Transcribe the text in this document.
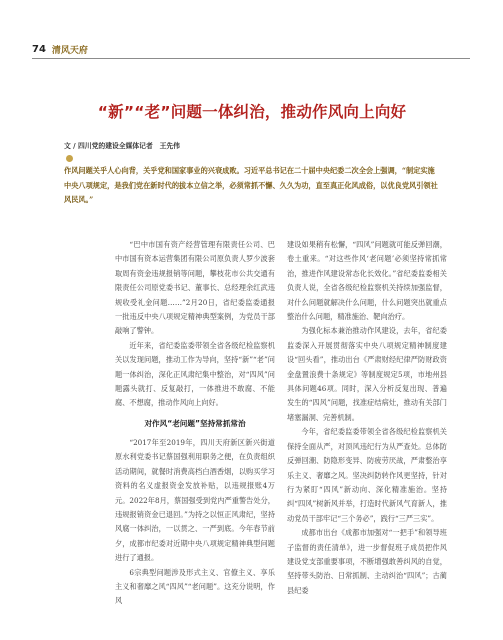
74 清风天府
“新”“老”问题一体纠治，推动作风向上向好
文 / 四川党的建设全媒体记者　王先伟

作风问题关乎人心向背，关乎党和国家事业的兴衰成败。习近平总书记在二十届中央纪委二次全会上强调，“制定实施中央八项规定，是我们党在新时代的拔本立信之举，必须常抓不懈、久久为功，直至真正化风成俗，以优良党风引领社风民风。”

“巴中市国有资产经营管理有限责任公司、巴中市国有资本运营集团有限公司原负责人罗少波套取周有资金违规报销等问题，攀枝花市公共交通有限责任公司原党委书记、董事长、总经理余红武违规收受礼金问题……”2月20日，省纪委监委通报一批违反中央八项规定精神典型案例，为党员干部敲响了警钟。

近年来，省纪委监委带领全省各级纪检监察机关以发现问题，推动工作为导向，坚持“新”“老”问题一体纠治，深化正风肃纪集中整治，对“四风”问题露头就打、反复敲打，一体推进不敢腐、不能腐、不想腐，推动作风向上向好。

对作风“老问题”坚持常抓常治

“2017年至2019年，四川天府新区新兴街道原水利党委书记蔡国强利用职务之便，在负责组织活动期间，就餐时消费高档白酒香烟，以购买学习资料的名义虚报资金发放补贴，以违规报账4万元。2022年8月，蔡国强受到党内严重警告处分，违规报销资金已退回。”为持之以恒正风肃纪，坚持风腐一体纠治，一以贯之、一严到底。今年春节前夕，成都市纪委对近期中央八项规定精神典型问题进行了通报。

6宗典型问题涉及形式主义、官僚主义、享乐主义和奢靡之风“四风”“老问题”。这充分说明，作风

建设如果稍有松懈，“四风”问题就可能反弹回潮，卷土重来。“对这些作风‘老问题’必须坚持常抓常治，推进作风建设常态化长效化。”省纪委监委相关负责人说，全省各级纪检监察机关持续加强监督，对什么问题就解决什么问题，什么问题突出就重点整治什么问题，精准施治、靶向治疗。

为强化标本兼治推动作风建设，去年，省纪委监委深入开展贯彻落实中央八项规定精神制度建设“回头看”，推动出台《严肃财经纪律严防财政资金盘置浪费十条规定》等制度规定5项，市地州县具体问题46项。同时，深入分析反复出现、普遍发生的“四风”问题，找准症结病灶，推动有关部门堵塞漏洞、完善机制。

今年，省纪委监委带领全省各级纪检监察机关保持全面从严，对顶风违纪行为从严查处。总体防反弹回潮、防隐形变异、防疲劳厌战，严肃整治享乐主义、奢靡之风。坚决纠防转作风更坚持，针对行为紧盯“四风”新动向、深化精准施治。坚持纠“四风”树新风并举，打造时代新风气育新人，推动党员干部牢记“三个务必”，践行“三严三实”。

成都市出台《成都市加强对“一把手”和领导班子监督的责任清单》，进一步督促班子成员把作风建设党支部重要事项，不断增强敢善纠风的自觉，坚持带头防治、日常抓制、主动纠治“四风”；古蔺县纪委
